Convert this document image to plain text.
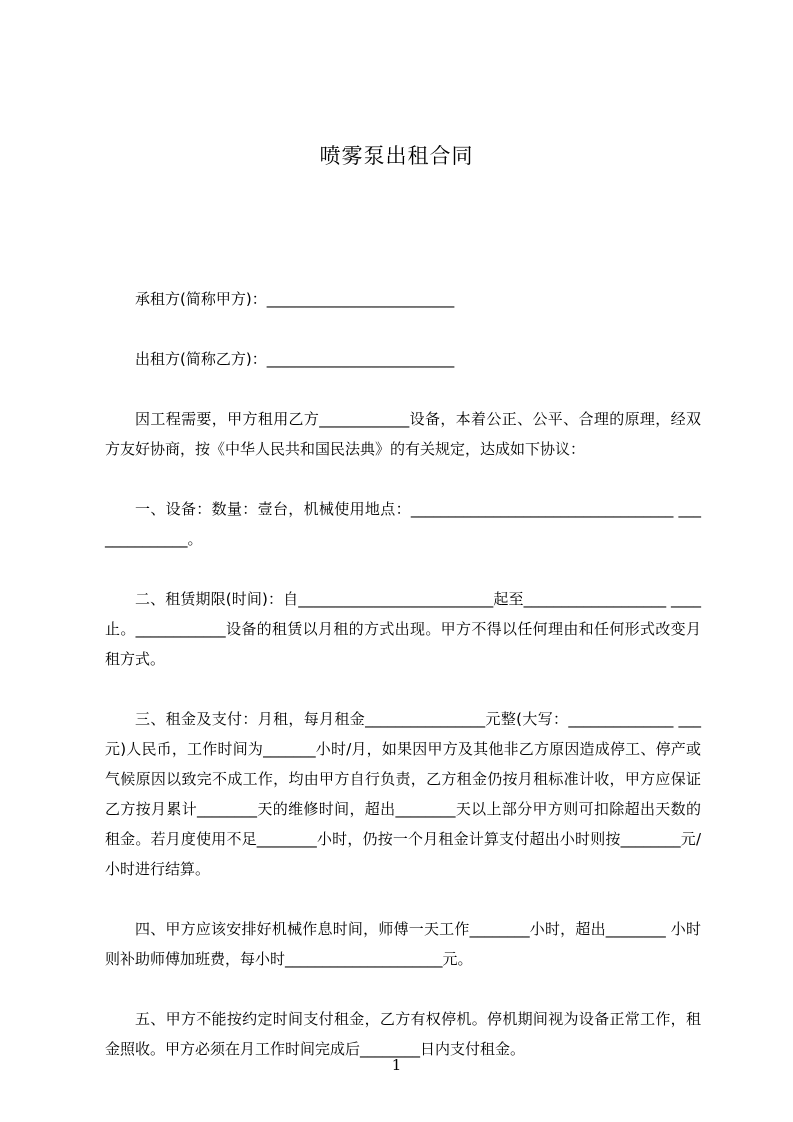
喷雾泵出租合同

承租方(简称甲方)：_________________________

出租方(简称乙方)：_________________________

因工程需要，甲方租用乙方____________设备，本着公正、公平、合理的原理，经双方友好协商，按《中华人民共和国民法典》的有关规定，达成如下协议：

一、设备：数量：壹台，机械使用地点：___________________________________ ______________。

二、租赁期限(时间)：自__________________________起至___________________ ____止。____________设备的租赁以月租的方式出现。甲方不得以任何理由和任何形式改变月租方式。

三、租金及支付：月租，每月租金________________元整(大写：______________ ___元)人民币，工作时间为_______小时/月，如果因甲方及其他非乙方原因造成停工、停产或气候原因以致完不成工作，均由甲方自行负责，乙方租金仍按月租标准计收，甲方应保证乙方按月累计________天的维修时间，超出________天以上部分甲方则可扣除超出天数的租金。若月度使用不足________小时，仍按一个月租金计算支付超出小时则按________元/小时进行结算。

四、甲方应该安排好机械作息时间，师傅一天工作________小时，超出________ 小时则补助师傅加班费，每小时_____________________元。

五、甲方不能按约定时间支付租金，乙方有权停机。停机期间视为设备正常工作，租金照收。甲方必须在月工作时间完成后________日内支付租金。

1
